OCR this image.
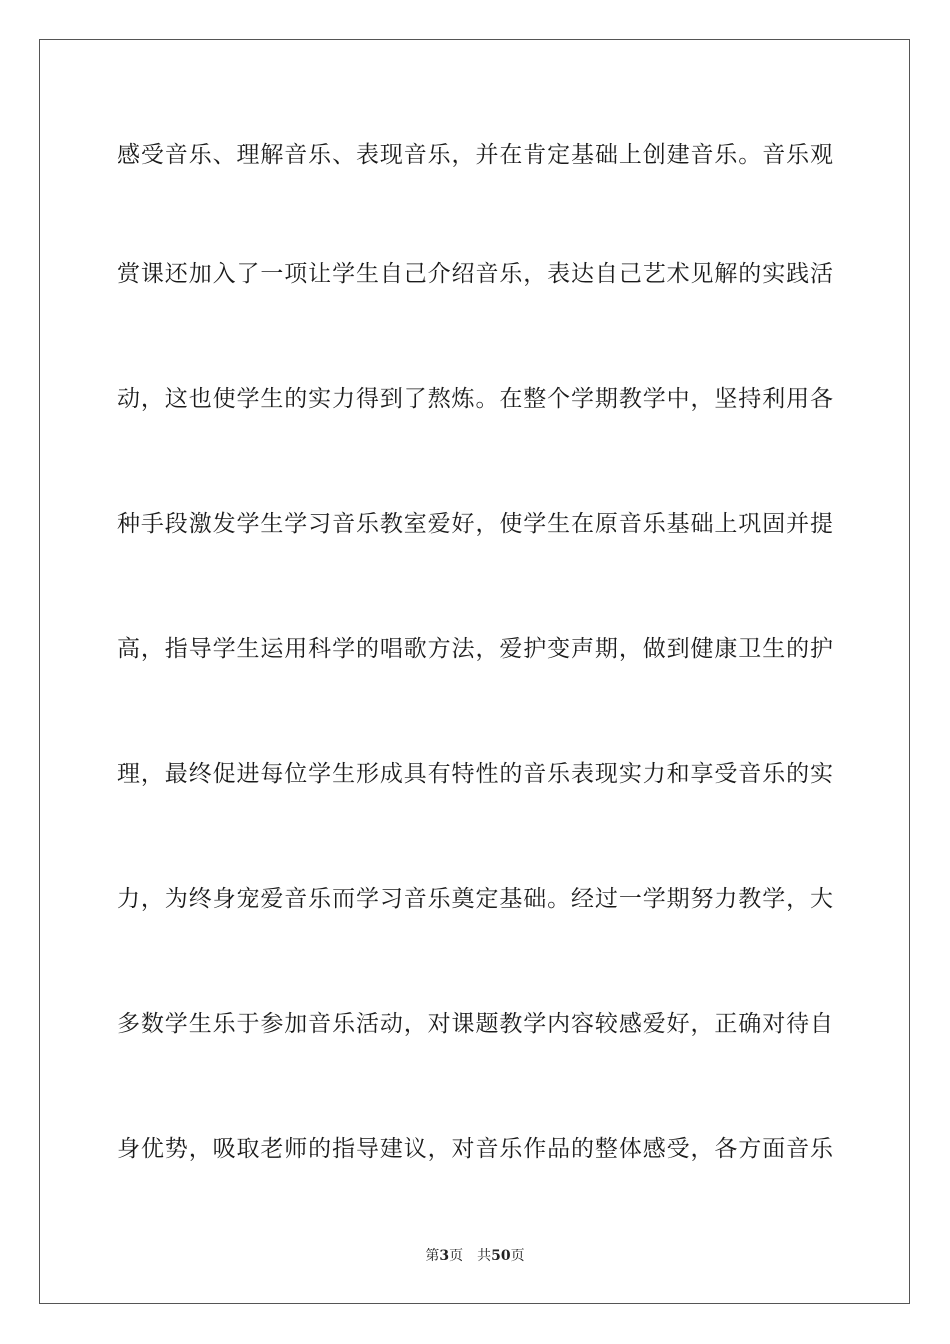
感受音乐、理解音乐、表现音乐，并在肯定基础上创建音乐。音乐观
赏课还加入了一项让学生自己介绍音乐，表达自己艺术见解的实践活
动，这也使学生的实力得到了熬炼。在整个学期教学中，坚持利用各
种手段激发学生学习音乐教室爱好，使学生在原音乐基础上巩固并提
高，指导学生运用科学的唱歌方法，爱护变声期，做到健康卫生的护
理，最终促进每位学生形成具有特性的音乐表现实力和享受音乐的实
力，为终身宠爱音乐而学习音乐奠定基础。经过一学期努力教学，大
多数学生乐于参加音乐活动，对课题教学内容较感爱好，正确对待自
身优势，吸取老师的指导建议，对音乐作品的整体感受，各方面音乐
第3页 共50页
